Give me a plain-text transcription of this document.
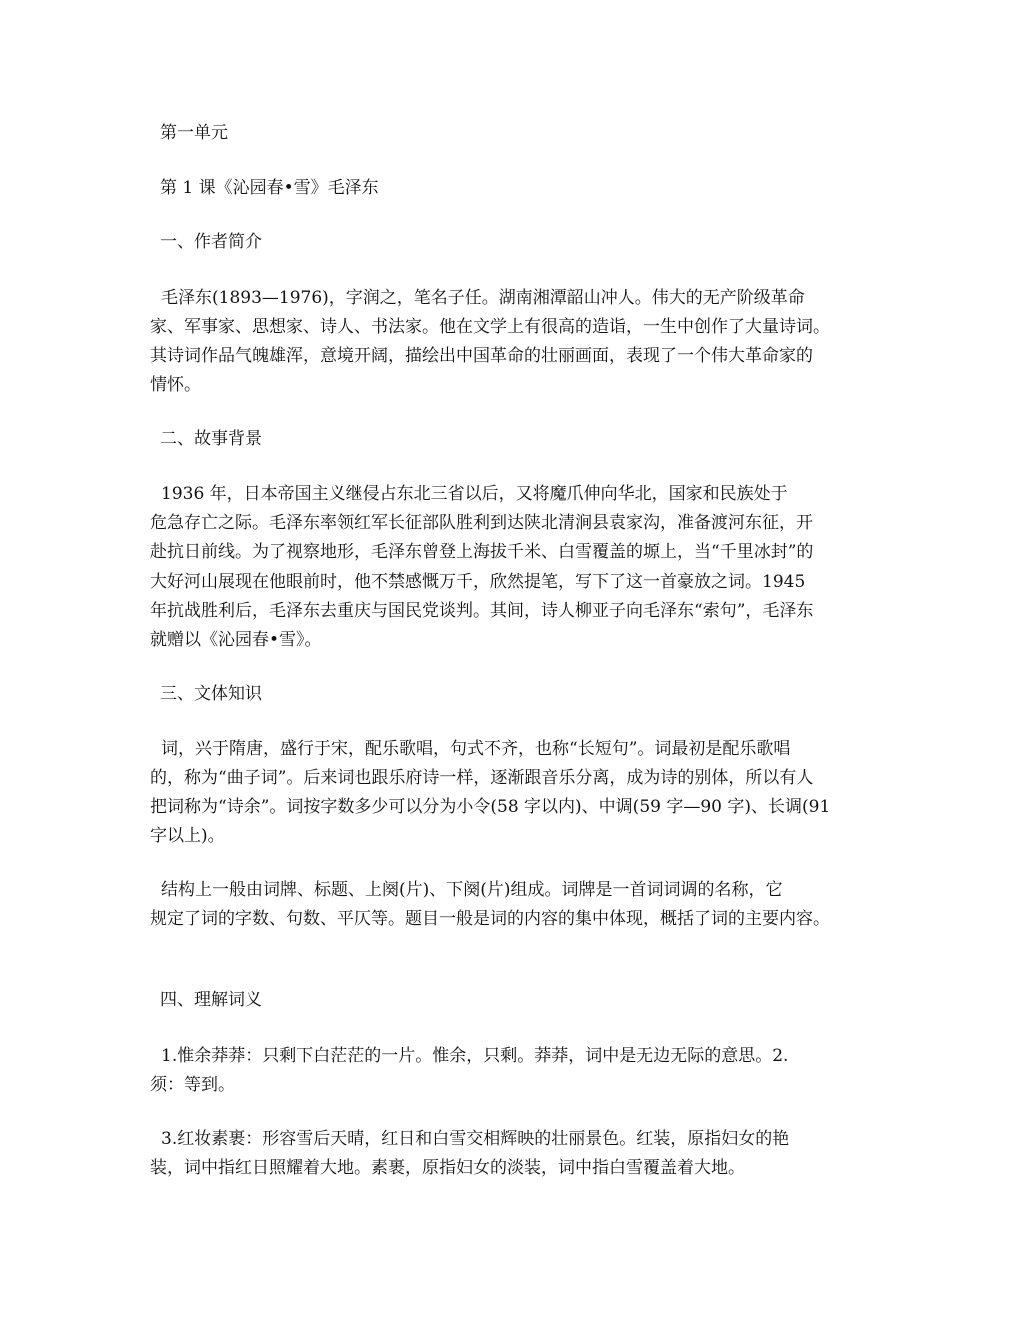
第一单元
第 1 课《沁园春•雪》毛泽东
一、作者简介
毛泽东(1893—1976)，字润之，笔名子任。湖南湘潭韶山冲人。伟大的无产阶级革命
家、军事家、思想家、诗人、书法家。他在文学上有很高的造诣，一生中创作了大量诗词。
其诗词作品气魄雄浑，意境开阔，描绘出中国革命的壮丽画面，表现了一个伟大革命家的
情怀。
二、故事背景
1936 年，日本帝国主义继侵占东北三省以后，又将魔爪伸向华北，国家和民族处于
危急存亡之际。毛泽东率领红军长征部队胜利到达陕北清涧县袁家沟，准备渡河东征，开
赴抗日前线。为了视察地形，毛泽东曾登上海拔千米、白雪覆盖的塬上，当“千里冰封”的
大好河山展现在他眼前时，他不禁感慨万千，欣然提笔，写下了这一首豪放之词。1945
年抗战胜利后，毛泽东去重庆与国民党谈判。其间，诗人柳亚子向毛泽东“索句”，毛泽东
就赠以《沁园春•雪》。
三、文体知识
词，兴于隋唐，盛行于宋，配乐歌唱，句式不齐，也称“长短句”。词最初是配乐歌唱
的，称为“曲子词”。后来词也跟乐府诗一样，逐渐跟音乐分离，成为诗的别体，所以有人
把词称为“诗余”。词按字数多少可以分为小令(58 字以内)、中调(59 字—90 字)、长调(91
字以上)。
结构上一般由词牌、标题、上阕(片)、下阕(片)组成。词牌是一首词词调的名称，它
规定了词的字数、句数、平仄等。题目一般是词的内容的集中体现，概括了词的主要内容。
四、理解词义
1.惟余莽莽：只剩下白茫茫的一片。惟余，只剩。莽莽，词中是无边无际的意思。2.
须：等到。
3.红妆素裹：形容雪后天晴，红日和白雪交相辉映的壮丽景色。红装，原指妇女的艳
装，词中指红日照耀着大地。素裹，原指妇女的淡装，词中指白雪覆盖着大地。
